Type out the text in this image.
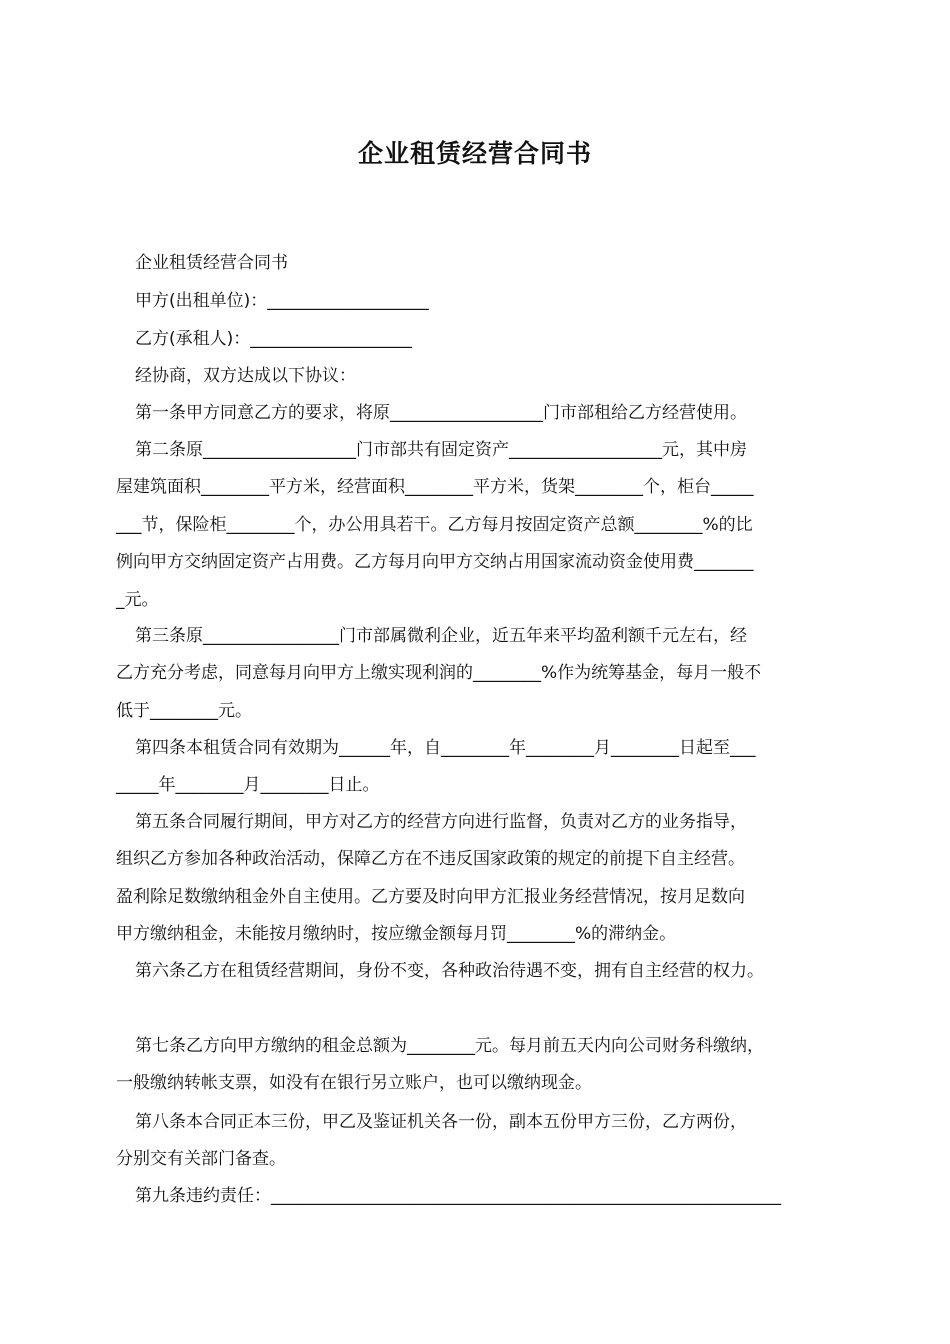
企业租赁经营合同书
企业租赁经营合同书
甲方(出租单位)：___________________
乙方(承租人)：___________________
经协商，双方达成以下协议：
第一条甲方同意乙方的要求，将原__________________门市部租给乙方经营使用。
第二条原__________________门市部共有固定资产__________________元，其中房
屋建筑面积________平方米，经营面积________平方米，货架________个，柜台_____
___节，保险柜________个，办公用具若干。乙方每月按固定资产总额________%的比
例向甲方交纳固定资产占用费。乙方每月向甲方交纳占用国家流动资金使用费_______
_元。
第三条原________________门市部属微利企业，近五年来平均盈利额千元左右，经
乙方充分考虑，同意每月向甲方上缴实现利润的________%作为统筹基金，每月一般不
低于________元。
第四条本租赁合同有效期为______年，自________年________月________日起至___
_____年________月________日止。
第五条合同履行期间，甲方对乙方的经营方向进行监督，负责对乙方的业务指导，
组织乙方参加各种政治活动，保障乙方在不违反国家政策的规定的前提下自主经营。
盈利除足数缴纳租金外自主使用。乙方要及时向甲方汇报业务经营情况，按月足数向
甲方缴纳租金，未能按月缴纳时，按应缴金额每月罚________%的滞纳金。
第六条乙方在租赁经营期间，身份不变，各种政治待遇不变，拥有自主经营的权力。
第七条乙方向甲方缴纳的租金总额为________元。每月前五天内向公司财务科缴纳，
一般缴纳转帐支票，如没有在银行另立账户，也可以缴纳现金。
第八条本合同正本三份，甲乙及鉴证机关各一份，副本五份甲方三份，乙方两份，
分别交有关部门备查。
第九条违约责任：____________________________________________________________
